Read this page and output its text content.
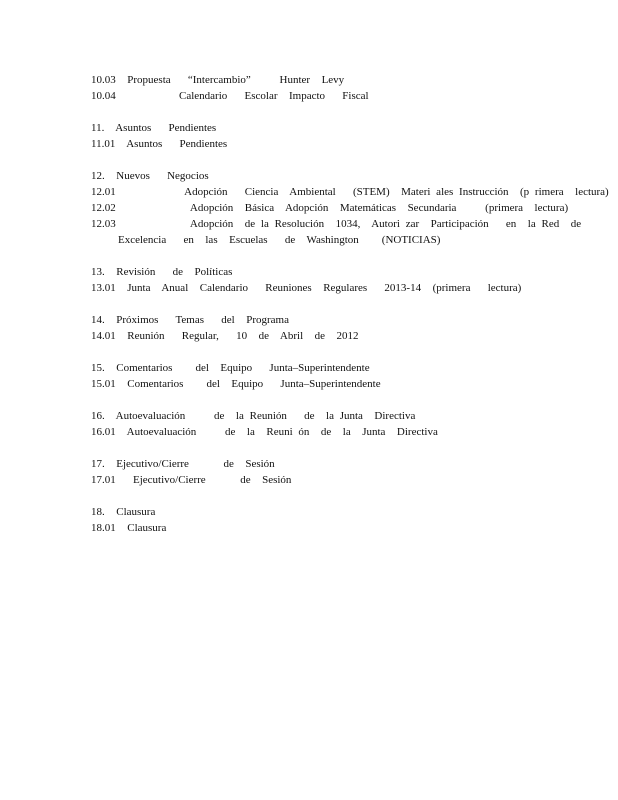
10.03  Propuesta   “Intercambio”     Hunter  Levy
10.04           Calendario   Escolar  Impacto   Fiscal
11.  Asuntos   Pendientes
11.01  Asuntos   Pendientes
12.  Nuevos   Negocios
12.01            Adopción   Ciencia  Ambiental   (STEM)  Materi ales Instrucción  (p rimera  lectura)
12.02             Adopción  Básica  Adopción  Matemáticas  Secundaria     (primera  lectura)
12.03             Adopción  de la Resolución  1034,  Autori zar  Participación   en  la Red  de
Excelencia   en  las  Escuelas   de  Washington    (NOTICIAS)
13.  Revisión   de  Políticas
13.01  Junta  Anual  Calendario   Reuniones  Regulares   2013-14  (primera   lectura)
14.  Próximos   Temas   del  Programa
14.01  Reunión   Regular,   10  de  Abril  de  2012
15.  Comentarios    del  Equipo   Junta–Superintendente
15.01  Comentarios    del  Equipo   Junta–Superintendente
16.  Autoevaluación     de  la Reunión   de  la Junta  Directiva
16.01  Autoevaluación     de  la  Reuni ón  de  la  Junta  Directiva
17.  Ejecutivo/Cierre      de  Sesión
17.01   Ejecutivo/Cierre      de  Sesión
18.  Clausura
18.01  Clausura
